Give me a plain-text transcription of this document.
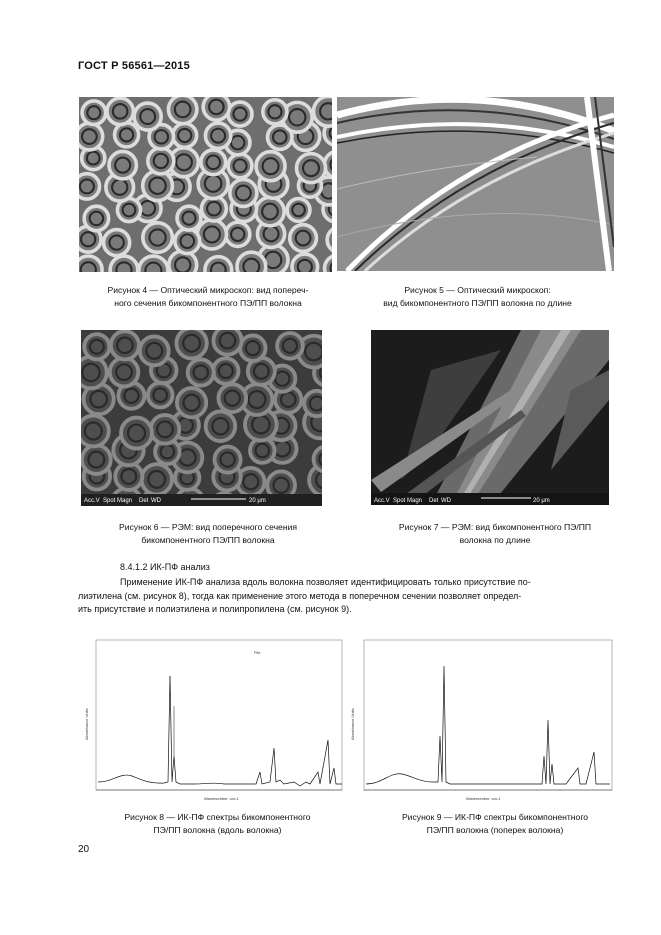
ГОСТ Р 56561—2015
Рисунок 4 — Оптический микроскоп: вид попереч-
ного сечения бикомпонентного ПЭ/ПП волокна
Рисунок 5 — Оптический микроскоп:
вид бикомпонентного ПЭ/ПП волокна по длине
Acc.V Spot Magn Det WD	20 μm
Рисунок 6 — РЭМ: вид поперечного сечения
бикомпонентного ПЭ/ПП волокна
Acc.V Spot Magn Det WD	20 μm
Рисунок 7 — РЭМ: вид бикомпонентного ПЭ/ПП
волокна по длине
8.4.1.2 ИК-ПФ анализ
Применение ИК-ПФ анализа вдоль волокна позволяет идентифицировать только присутствие по-
лиэтилена (см. рисунок 8), тогда как применение этого метода в поперечном сечении позволяет определ-
ить присутствие и полиэтилена и полипропилена (см. рисунок 9).
File
Wavenumber, cm-1
Absorbance Units
Рисунок 8 — ИК-ПФ спектры бикомпонентного
ПЭ/ПП волокна (вдоль волокна)
Wavenumber, cm-1
Absorbance Units
Рисунок 9 — ИК-ПФ спектры бикомпонентного
ПЭ/ПП волокна (поперек волокна)
20
